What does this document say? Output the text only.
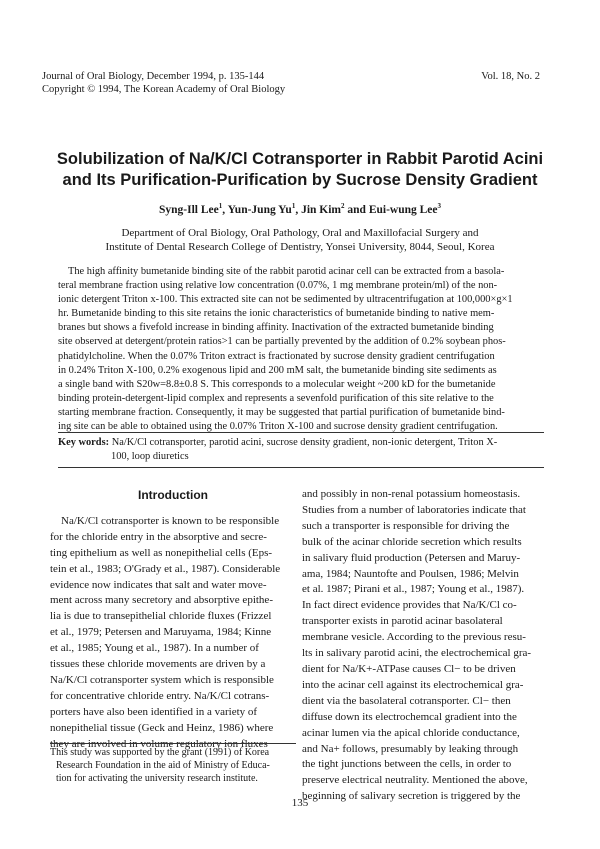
Journal of Oral Biology, December 1994, p. 135-144
Copyright © 1994, The Korean Academy of Oral Biology
Vol. 18, No. 2
Solubilization of Na/K/Cl Cotransporter in Rabbit Parotid Acini
and Its Purification-Purification by Sucrose Density Gradient
Syng-Ill Lee$^1$, Yun-Jung Yu$^1$, Jin Kim$^2$ and Eui-wung Lee$^3$
Department of Oral Biology, Oral Pathology, Oral and Maxillofacial Surgery and
Institute of Dental Research College of Dentistry, Yonsei University, 8044, Seoul, Korea
The high affinity bumetanide binding site of the rabbit parotid acinar cell can be extracted from a basola-
teral membrane fraction using relative low concentration (0.07%, 1 mg membrane protein/ml) of the non-
ionic detergent Triton x-100. This extracted site can not be sedimented by ultracentrifugation at 100,000×g×1
hr. Bumetanide binding to this site retains the ionic characteristics of bumetanide binding to native mem-
branes but shows a fivefold increase in binding affinity. Inactivation of the extracted bumetanide binding
site observed at detergent/protein ratios>1 can be partially prevented by the addition of 0.2% soybean phos-
phatidylcholine. When the 0.07% Triton extract is fractionated by sucrose density gradient centrifugation
in 0.24% Triton X-100, 0.2% exogenous lipid and 200 mM salt, the bumetanide binding site sediments as
a single band with S20w=8.8±0.8 S. This corresponds to a molecular weight ~200 kD for the bumetanide
binding protein-detergent-lipid complex and represents a sevenfold purification of this site relative to the
starting membrane fraction. Consequently, it may be suggested that partial purification of bumetanide bind-
ing site can be able to obtained using the 0.07% Triton X-100 and sucrose density gradient centrifugation.
Key words: Na/K/Cl cotransporter, parotid acini, sucrose density gradient, non-ionic detergent, Triton X-
100, loop diuretics
Introduction

Na/K/Cl cotransporter is known to be responsible

for the chloride entry in the absorptive and secre-

ting epithelium as well as nonepithelial cells (Eps-

tein et al., 1983; O'Grady et al., 1987). Considerable

evidence now indicates that salt and water move-

ment across many secretory and absorptive epithe-

lia is due to transepithelial chloride fluxes (Frizzel

et al., 1979; Petersen and Maruyama, 1984; Kinne

et al., 1985; Young et al., 1987). In a number of

tissues these chloride movements are driven by a

Na/K/Cl cotransporter system which is responsible

for concentrative chloride entry. Na/K/Cl cotrans-

porters have also been identified in a variety of

nonepithelial tissue (Geck and Heinz, 1986) where

This study was supported by the grant (1991) of Korea
Research Foundation in the aid of Ministry of Educa-
tion for activating the university research institute.

and possibly in non-renal potassium homeostasis.

Studies from a number of laboratories indicate that

such a transporter is responsible for driving the

bulk of the acinar chloride secretion which results

in salivary fluid production (Petersen and Maruy-

ama, 1984; Nauntofte and Poulsen, 1986; Melvin

et al. 1987; Pirani et al., 1987; Young et al., 1987).

In fact direct evidence provides that Na/K/Cl co-

transporter exists in parotid acinar basolateral

membrane vesicle. According to the previous resu-

lts in salivary parotid acini, the electrochemical gra-

dient for Na/K+-ATPase causes Cl− to be driven

into the acinar cell against its electrochemical gra-

dient via the basolateral cotransporter. Cl− then

diffuse down its electrochemcal gradient into the

acinar lumen via the apical chloride conductance,

and Na+ follows, presumably by leaking through

the tight junctions between the cells, in order to

preserve electrical neutrality. Mentioned the above,

beginning of salivary secretion is triggered by the

135
